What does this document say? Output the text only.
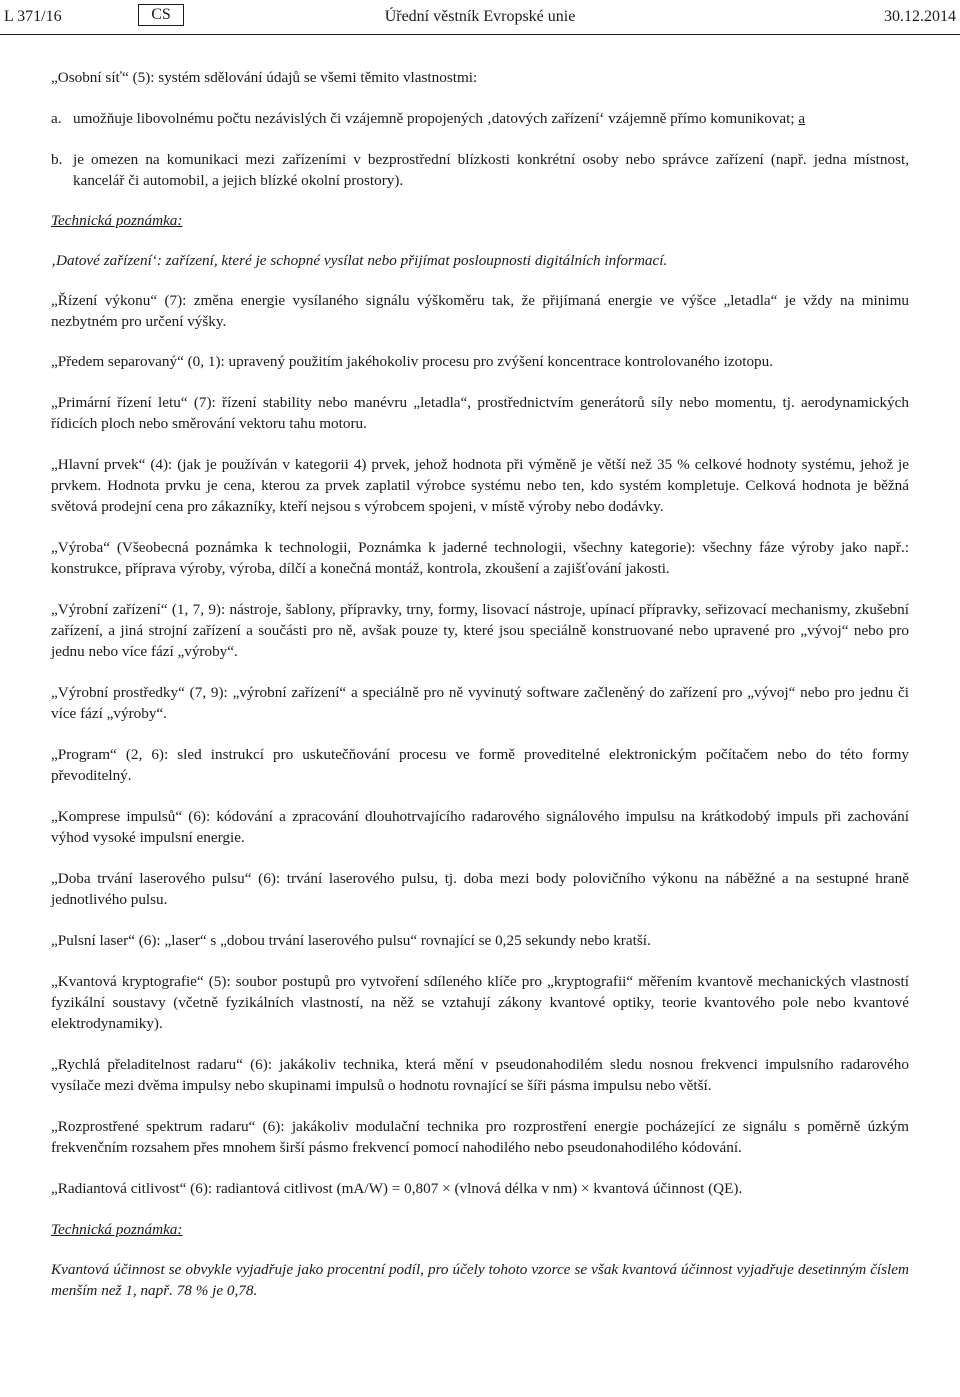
L 371/16	CS	Úřední věstník Evropské unie	30.12.2014

„Osobní síť“ (5): systém sdělování údajů se všemi těmito vlastnostmi:

a. umožňuje libovolnému počtu nezávislých či vzájemně propojených ‚datových zařízení‘ vzájemně přímo komunikovat; a

b. je omezen na komunikaci mezi zařízeními v bezprostřední blízkosti konkrétní osoby nebo správce zařízení (např. jedna místnost, kancelář či automobil, a jejich blízké okolní prostory).

Technická poznámka:

‚Datové zařízení‘: zařízení, které je schopné vysílat nebo přijímat posloupnosti digitálních informací.

„Řízení výkonu“ (7): změna energie vysílaného signálu výškoměru tak, že přijímaná energie ve výšce „letadla“ je vždy na minimu nezbytném pro určení výšky.

„Předem separovaný“ (0, 1): upravený použitím jakéhokoliv procesu pro zvýšení koncentrace kontrolovaného izotopu.

„Primární řízení letu“ (7): řízení stability nebo manévru „letadla“, prostřednictvím generátorů síly nebo momentu, tj. aerodynamických řídicích ploch nebo směrování vektoru tahu motoru.

„Hlavní prvek“ (4): (jak je používán v kategorii 4) prvek, jehož hodnota při výměně je větší než 35 % celkové hodnoty systému, jehož je prvkem. Hodnota prvku je cena, kterou za prvek zaplatil výrobce systému nebo ten, kdo systém kompletuje. Celková hodnota je běžná světová prodejní cena pro zákazníky, kteří nejsou s výrobcem spojeni, v místě výroby nebo dodávky.

„Výroba“ (Všeobecná poznámka k technologii, Poznámka k jaderné technologii, všechny kategorie): všechny fáze výroby jako např.: konstrukce, příprava výroby, výroba, dílčí a konečná montáž, kontrola, zkoušení a zajišťování jakosti.

„Výrobní zařízení“ (1, 7, 9): nástroje, šablony, přípravky, trny, formy, lisovací nástroje, upínací přípravky, seřizovací mechanismy, zkušební zařízení, a jiná strojní zařízení a součásti pro ně, avšak pouze ty, které jsou speciálně konstruované nebo upravené pro „vývoj“ nebo pro jednu nebo více fází „výroby“.

„Výrobní prostředky“ (7, 9): „výrobní zařízení“ a speciálně pro ně vyvinutý software začleněný do zařízení pro „vývoj“ nebo pro jednu či více fází „výroby“.

„Program“ (2, 6): sled instrukcí pro uskutečňování procesu ve formě proveditelné elektronickým počítačem nebo do této formy převoditelný.

„Komprese impulsů“ (6): kódování a zpracování dlouhotrvajícího radarového signálového impulsu na krátkodobý impuls při zachování výhod vysoké impulsní energie.

„Doba trvání laserového pulsu“ (6): trvání laserového pulsu, tj. doba mezi body polovičního výkonu na náběžné a na sestupné hraně jednotlivého pulsu.

„Pulsní laser“ (6): „laser“ s „dobou trvání laserového pulsu“ rovnající se 0,25 sekundy nebo kratší.

„Kvantová kryptografie“ (5): soubor postupů pro vytvoření sdíleného klíče pro „kryptografii“ měřením kvantově mechanických vlastností fyzikální soustavy (včetně fyzikálních vlastností, na něž se vztahují zákony kvantové optiky, teorie kvantového pole nebo kvantové elektrodynamiky).

„Rychlá přeladitelnost radaru“ (6): jakákoliv technika, která mění v pseudonahodilém sledu nosnou frekvenci impulsního radarového vysílače mezi dvěma impulsy nebo skupinami impulsů o hodnotu rovnající se šíři pásma impulsu nebo větší.

„Rozprostřené spektrum radaru“ (6): jakákoliv modulační technika pro rozprostření energie pocházející ze signálu s poměrně úzkým frekvenčním rozsahem přes mnohem širší pásmo frekvencí pomocí nahodilého nebo pseudonahodilého kódování.

„Radiantová citlivost“ (6): radiantová citlivost (mA/W) = 0,807 × (vlnová délka v nm) × kvantová účinnost (QE).

Technická poznámka:

Kvantová účinnost se obvykle vyjadřuje jako procentní podíl, pro účely tohoto vzorce se však kvantová účinnost vyjadřuje desetinným číslem menším než 1, např. 78 % je 0,78.
